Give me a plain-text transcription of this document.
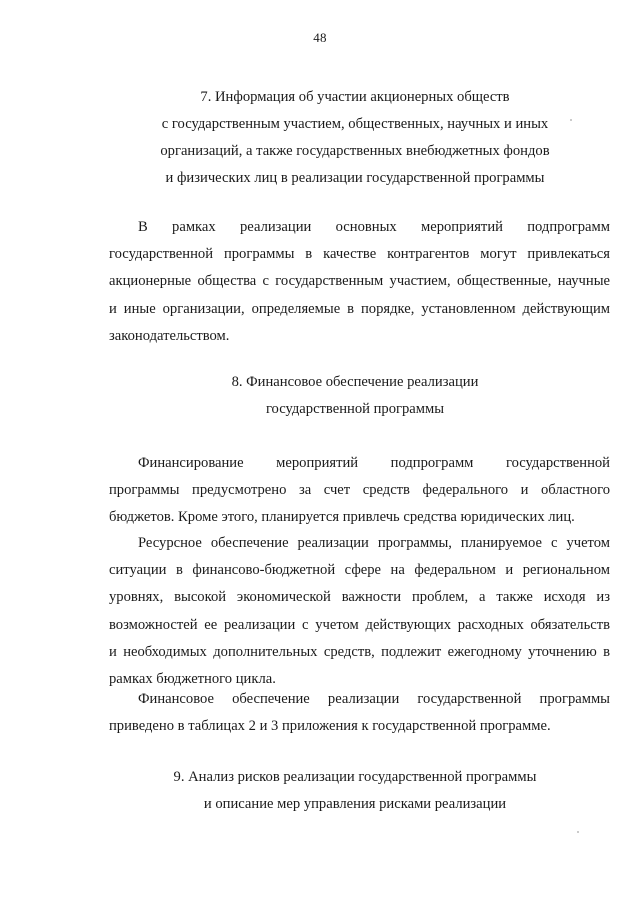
48
7. Информация об участии акционерных обществ
с государственным участием, общественных, научных и иных
организаций, а также государственных внебюджетных фондов
и физических лиц в реализации государственной программы
В рамках реализации основных мероприятий подпрограмм
государственной программы в качестве контрагентов могут привлекаться
акционерные общества с государственным участием, общественные, научные
и иные организации, определяемые в порядке, установленном действующим
законодательством.
8. Финансовое обеспечение реализации
государственной программы
Финансирование мероприятий подпрограмм государственной
программы предусмотрено за счет средств федерального и областного
бюджетов. Кроме этого, планируется привлечь средства юридических лиц.
Ресурсное обеспечение реализации программы, планируемое с учетом
ситуации в финансово-бюджетной сфере на федеральном и региональном
уровнях, высокой экономической важности проблем, а также исходя из
возможностей ее реализации с учетом действующих расходных обязательств
и необходимых дополнительных средств, подлежит ежегодному уточнению в
рамках бюджетного цикла.
Финансовое обеспечение реализации государственной программы
приведено в таблицах 2 и 3 приложения к государственной программе.
9. Анализ рисков реализации государственной программы
и описание мер управления рисками реализации
